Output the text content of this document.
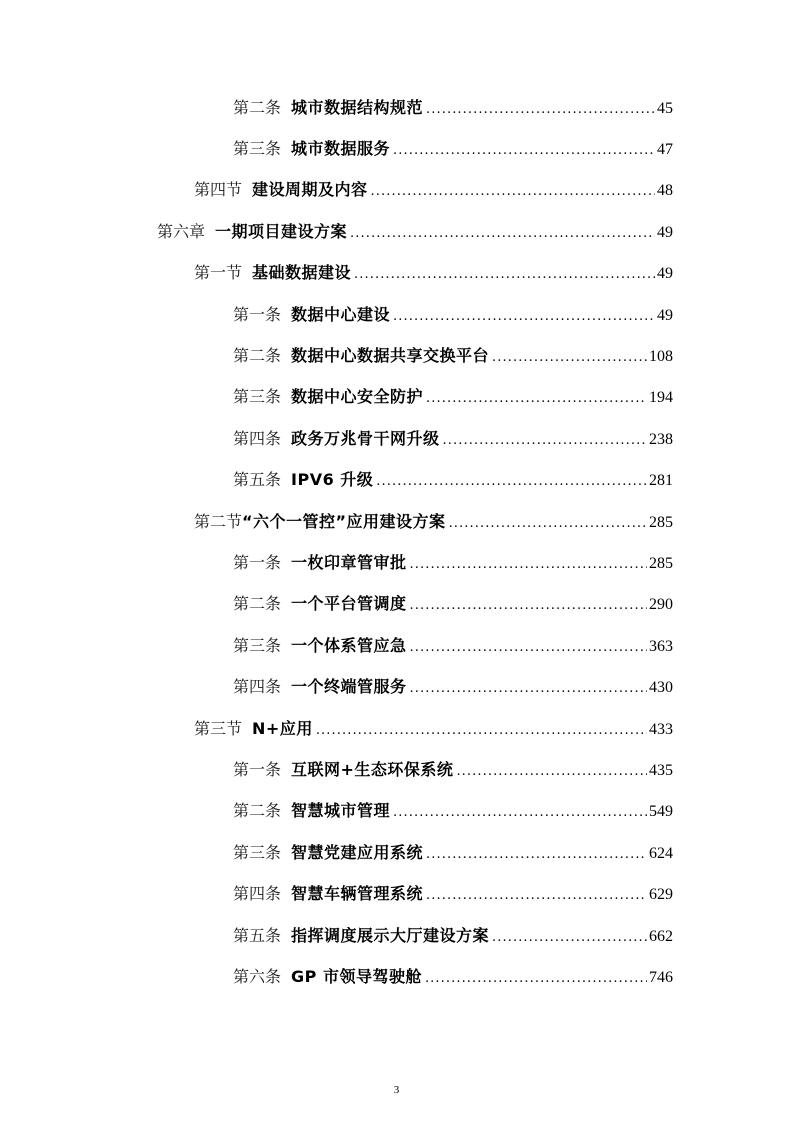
第二条 城市数据结构规范 .....	45
第三条 城市数据服务 .....	47
第四节 建设周期及内容 .....	48
第六章 一期项目建设方案 .....	49
第一节 基础数据建设 .....	49
第一条 数据中心建设 .....	49
第二条 数据中心数据共享交换平台 .....	108
第三条 数据中心安全防护 .....	194
第四条 政务万兆骨干网升级 .....	238
第五条 IPV6 升级 .....	281
第二节 “六个一管控”应用建设方案 .....	285
第一条 一枚印章管审批 .....	285
第二条 一个平台管调度 .....	290
第三条 一个体系管应急 .....	363
第四条 一个终端管服务 .....	430
第三节 N+应用 .....	433
第一条 互联网+生态环保系统 .....	435
第二条 智慧城市管理 .....	549
第三条 智慧党建应用系统 .....	624
第四条 智慧车辆管理系统 .....	629
第五条 指挥调度展示大厅建设方案 .....	662
第六条 GP 市领导驾驶舱 .....	746
3
